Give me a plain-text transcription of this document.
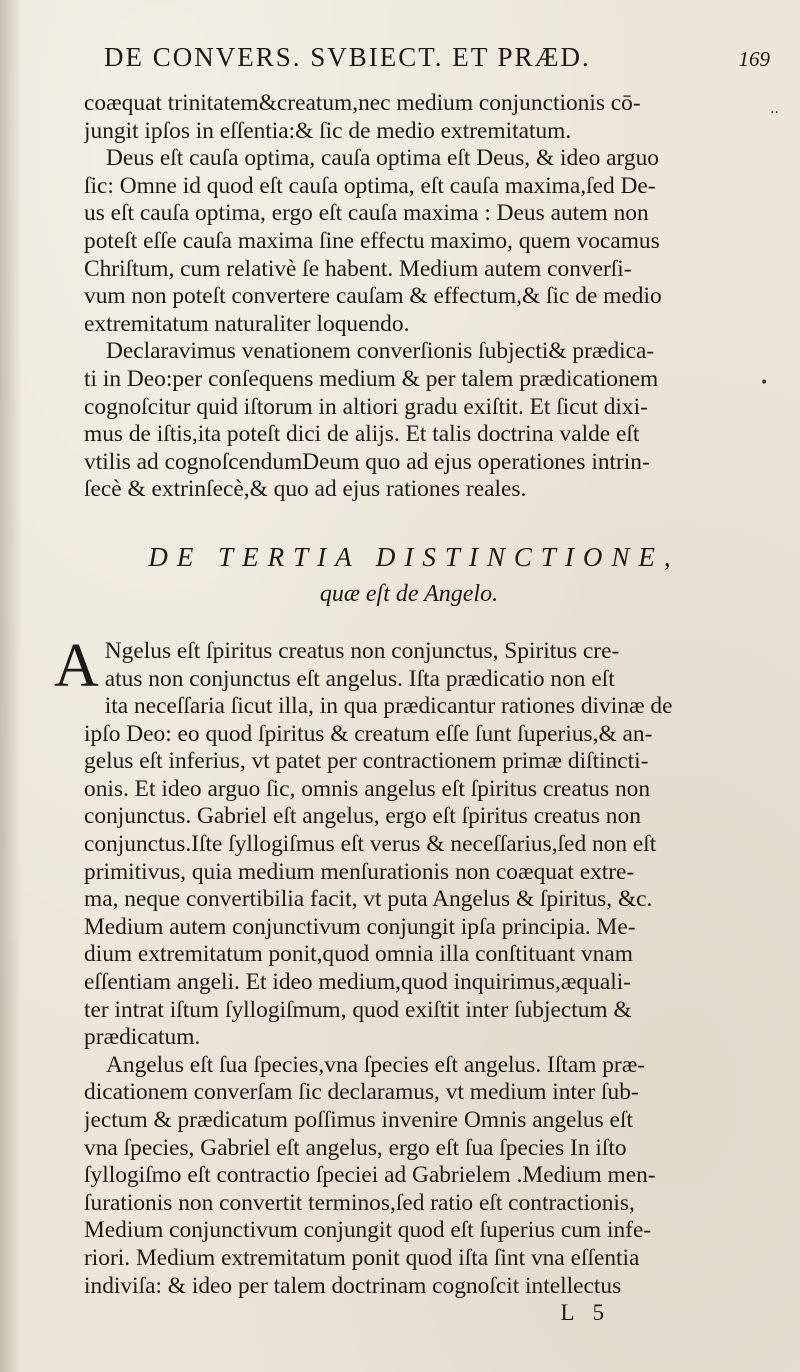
DE CONVERS. SVBIECT. ET PRÆD.	169

coæquat trinitatem&creatum,nec medium conjunctionis cō-
jungit ipſos in eſſentia:& ſic de medio extremitatum.

Deus eſt cauſa optima, cauſa optima eſt Deus, & ideo arguo
ſic: Omne id quod eſt cauſa optima, eſt cauſa maxima,ſed De-
us eſt cauſa optima, ergo eſt cauſa maxima : Deus autem non
poteſt eſſe cauſa maxima ſine effectu maximo, quem vocamus
Chriſtum, cum relativè ſe habent. Medium autem converſi-
vum non poteſt convertere cauſam & effectum,& ſic de medio
extremitatum naturaliter loquendo.

Declaravimus venationem converſionis ſubjecti& prædica-
ti in Deo:per conſequens medium & per talem prædicationem
cognoſcitur quid iſtorum in altiori gradu exiſtit. Et ſicut dixi-
mus de iſtis,ita poteſt dici de alijs. Et talis doctrina valde eſt
vtilis ad cognoſcendumDeum quo ad ejus operationes intrin-
ſecè & extrinſecè,& quo ad ejus rationes reales.

DE TERTIA DISTINCTIONE,
quæ eſt de Angelo.

A Ngelus eſt ſpiritus creatus non conjunctus, Spiritus cre-
atus non conjunctus eſt angelus. Iſta prædicatio non eſt
ita neceſſaria ſicut illa, in qua prædicantur rationes divinæ de
ipſo Deo: eo quod ſpiritus & creatum eſſe ſunt ſuperius,& an-
gelus eſt inferius, vt patet per contractionem primæ diſtincti-
onis. Et ideo arguo ſic, omnis angelus eſt ſpiritus creatus non
conjunctus. Gabriel eſt angelus, ergo eſt ſpiritus creatus non
conjunctus.Iſte ſyllogiſmus eſt verus & neceſſarius,ſed non eſt
primitivus, quia medium menſurationis non coæquat extre-
ma, neque convertibilia facit, vt puta Angelus & ſpiritus, &c.
Medium autem conjunctivum conjungit ipſa principia. Me-
dium extremitatum ponit,quod omnia illa conſtituant vnam
eſſentiam angeli. Et ideo medium,quod inquirimus,æquali-
ter intrat iſtum ſyllogiſmum, quod exiſtit inter ſubjectum &
prædicatum.

Angelus eſt ſua ſpecies,vna ſpecies eſt angelus. Iſtam præ-
dicationem converſam ſic declaramus, vt medium inter ſub-
jectum & prædicatum poſſimus invenire Omnis angelus eſt
vna ſpecies, Gabriel eſt angelus, ergo eſt ſua ſpecies In iſto
ſyllogiſmo eſt contractio ſpeciei ad Gabrielem .Medium men-
ſurationis non convertit terminos,ſed ratio eſt contractionis,
Medium conjunctivum conjungit quod eſt ſuperius cum infe-
riori. Medium extremitatum ponit quod iſta ſint vna eſſentia
indiviſa: & ideo per talem doctrinam cognoſcit intellectus

L 5
··
•
